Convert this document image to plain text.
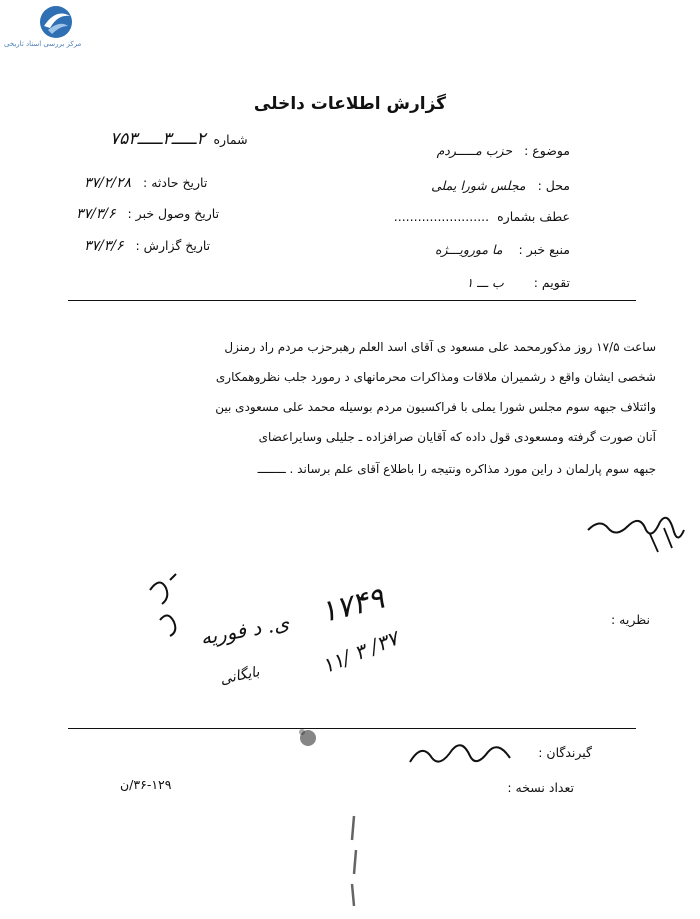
مرکز بررسی اسناد تاریخی
گزارش اطلاعات داخلی
موضوع : حزب مـــــردم
محل : مجلس شورا یملی
عطف بشماره ........................
منبع خبر : ما مورویـــژه
تقویم : ب ـــ ۱
شماره ۲ـــــ۳ـــــ۷۵۳
تاریخ حادثه : ۳۷/۲/۲۸
تاریخ وصول خبر : ۳۷/۳/۶
تاریخ گزارش : ۳۷/۳/۶
ساعت ۱۷/۵ روز مذکورمحمد علی مسعود ی آقای اسد العلم رهبرحزب مردم راد رمنزل
شخصی ایشان واقع د رشمیران ملاقات ومذاکرات محرمانهای د رمورد جلب نظروهمکاری
وائتلاف جبهه سوم مجلس شورا یملی با فراکسیون مردم بوسیله محمد علی مسعودی بین
آنان صورت گرفته ومسعودی قول داده که آقایان صرافزاده ـ جلیلی وسایراعضای
جبهه سوم پارلمان د راین مورد مذاکره ونتیجه را باطلاع آقای علم برساند . ــــــــ
نظریه :
۱۷۴۹
ی. د فوریه ۱۱/ ۳ /۳۷
بایگانی
گیرندگان :
تعداد نسخه :
۳۶-۱۲۹/ن
